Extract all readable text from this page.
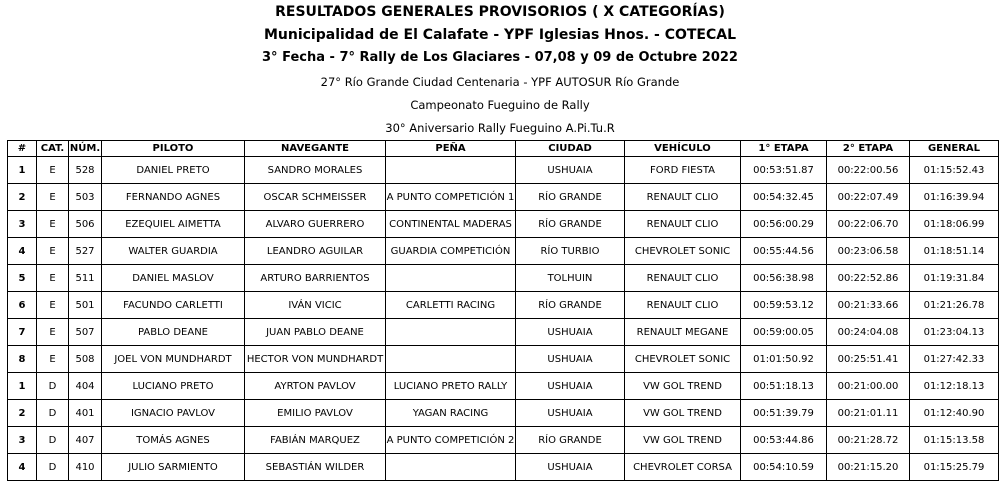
RESULTADOS GENERALES PROVISORIOS ( X CATEGORÍAS)
Municipalidad de El Calafate - YPF Iglesias Hnos. - COTECAL
3° Fecha - 7° Rally de Los Glaciares - 07,08 y 09 de Octubre 2022
27° Río Grande Ciudad Centenaria - YPF AUTOSUR Río Grande
Campeonato Fueguino de Rally
30° Aniversario Rally Fueguino A.Pi.Tu.R
#	CAT.	NÚM.	PILOTO	NAVEGANTE	PEÑA	CIUDAD	VEHÍCULO	1° ETAPA	2° ETAPA	GENERAL
1	E	528	DANIEL PRETO	SANDRO MORALES		USHUAIA	FORD FIESTA	00:53:51.87	00:22:00.56	01:15:52.43
2	E	503	FERNANDO AGNES	OSCAR SCHMEISSER	A PUNTO COMPETICIÓN 1	RÍO GRANDE	RENAULT CLIO	00:54:32.45	00:22:07.49	01:16:39.94
3	E	506	EZEQUIEL AIMETTA	ALVARO GUERRERO	CONTINENTAL MADERAS	RÍO GRANDE	RENAULT CLIO	00:56:00.29	00:22:06.70	01:18:06.99
4	E	527	WALTER GUARDIA	LEANDRO AGUILAR	GUARDIA COMPETICIÓN	RÍO TURBIO	CHEVROLET SONIC	00:55:44.56	00:23:06.58	01:18:51.14
5	E	511	DANIEL MASLOV	ARTURO BARRIENTOS		TOLHUIN	RENAULT CLIO	00:56:38.98	00:22:52.86	01:19:31.84
6	E	501	FACUNDO CARLETTI	IVÁN VICIC	CARLETTI RACING	RÍO GRANDE	RENAULT CLIO	00:59:53.12	00:21:33.66	01:21:26.78
7	E	507	PABLO DEANE	JUAN PABLO DEANE		USHUAIA	RENAULT MEGANE	00:59:00.05	00:24:04.08	01:23:04.13
8	E	508	JOEL VON MUNDHARDT	HECTOR VON MUNDHARDT		USHUAIA	CHEVROLET SONIC	01:01:50.92	00:25:51.41	01:27:42.33
1	D	404	LUCIANO PRETO	AYRTON PAVLOV	LUCIANO PRETO RALLY	USHUAIA	VW GOL TREND	00:51:18.13	00:21:00.00	01:12:18.13
2	D	401	IGNACIO PAVLOV	EMILIO PAVLOV	YAGAN RACING	USHUAIA	VW GOL TREND	00:51:39.79	00:21:01.11	01:12:40.90
3	D	407	TOMÁS AGNES	FABIÁN MARQUEZ	A PUNTO COMPETICIÓN 2	RÍO GRANDE	VW GOL TREND	00:53:44.86	00:21:28.72	01:15:13.58
4	D	410	JULIO SARMIENTO	SEBASTIÁN WILDER		USHUAIA	CHEVROLET CORSA	00:54:10.59	00:21:15.20	01:15:25.79
